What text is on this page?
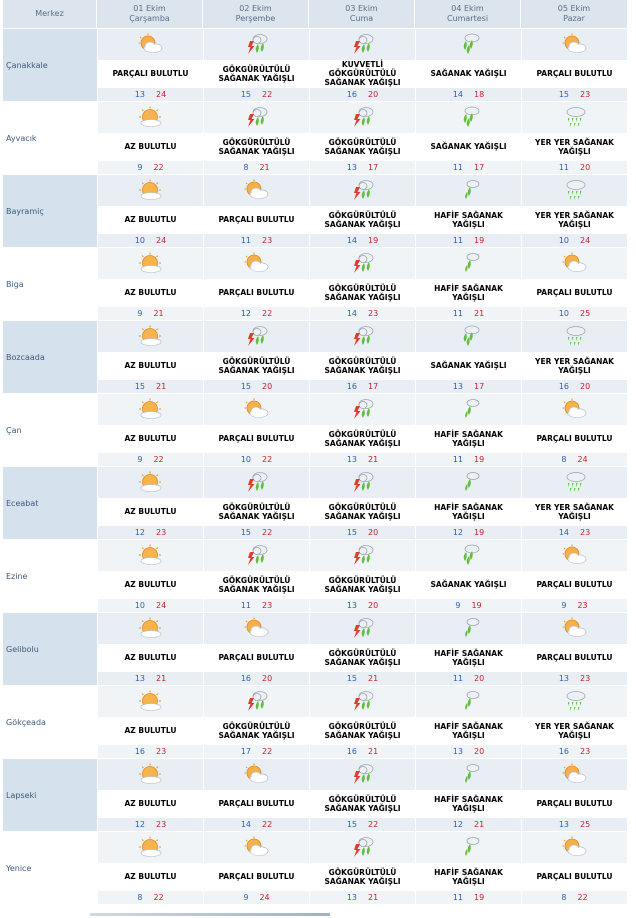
Merkez
01 Ekim
Çarşamba
02 Ekim
Perşembe
03 Ekim
Cuma
04 Ekim
Cumartesi
05 Ekim
Pazar
Çanakkale
PARÇALI BULUTLU
13 24
GÖKGÜRÜLTÜLÜ SAĞANAK YAĞIŞLI
15 22
KUVVETLİ GÖKGÜRÜLTÜLÜ SAĞANAK YAĞIŞLI
16 20
SAĞANAK YAĞIŞLI
14 18
PARÇALI BULUTLU
15 23
Ayvacık
AZ BULUTLU
9 22
GÖKGÜRÜLTÜLÜ SAĞANAK YAĞIŞLI
8 21
GÖKGÜRÜLTÜLÜ SAĞANAK YAĞIŞLI
13 17
SAĞANAK YAĞIŞLI
11 17
YER YER SAĞANAK YAĞIŞLI
11 20
Bayramiç
AZ BULUTLU
10 24
PARÇALI BULUTLU
11 23
GÖKGÜRÜLTÜLÜ SAĞANAK YAĞIŞLI
14 19
HAFİF SAĞANAK YAĞIŞLI
11 19
YER YER SAĞANAK YAĞIŞLI
10 24
Biga
AZ BULUTLU
9 21
PARÇALI BULUTLU
12 22
GÖKGÜRÜLTÜLÜ SAĞANAK YAĞIŞLI
14 23
HAFİF SAĞANAK YAĞIŞLI
11 21
PARÇALI BULUTLU
10 25
Bozcaada
AZ BULUTLU
15 21
GÖKGÜRÜLTÜLÜ SAĞANAK YAĞIŞLI
15 20
GÖKGÜRÜLTÜLÜ SAĞANAK YAĞIŞLI
16 17
SAĞANAK YAĞIŞLI
13 17
YER YER SAĞANAK YAĞIŞLI
16 20
Çan
AZ BULUTLU
9 22
PARÇALI BULUTLU
10 22
GÖKGÜRÜLTÜLÜ SAĞANAK YAĞIŞLI
13 21
HAFİF SAĞANAK YAĞIŞLI
11 19
PARÇALI BULUTLU
8 24
Eceabat
AZ BULUTLU
12 23
GÖKGÜRÜLTÜLÜ SAĞANAK YAĞIŞLI
15 22
GÖKGÜRÜLTÜLÜ SAĞANAK YAĞIŞLI
15 20
HAFİF SAĞANAK YAĞIŞLI
12 19
YER YER SAĞANAK YAĞIŞLI
14 23
Ezine
AZ BULUTLU
10 24
GÖKGÜRÜLTÜLÜ SAĞANAK YAĞIŞLI
11 23
GÖKGÜRÜLTÜLÜ SAĞANAK YAĞIŞLI
13 20
SAĞANAK YAĞIŞLI
9 19
PARÇALI BULUTLU
9 23
Gelibolu
AZ BULUTLU
13 21
PARÇALI BULUTLU
16 20
GÖKGÜRÜLTÜLÜ SAĞANAK YAĞIŞLI
15 21
HAFİF SAĞANAK YAĞIŞLI
11 20
PARÇALI BULUTLU
13 23
Gökçeada
AZ BULUTLU
16 23
GÖKGÜRÜLTÜLÜ SAĞANAK YAĞIŞLI
17 22
GÖKGÜRÜLTÜLÜ SAĞANAK YAĞIŞLI
16 21
HAFİF SAĞANAK YAĞIŞLI
13 20
YER YER SAĞANAK YAĞIŞLI
16 23
Lapseki
AZ BULUTLU
12 23
PARÇALI BULUTLU
14 22
GÖKGÜRÜLTÜLÜ SAĞANAK YAĞIŞLI
15 22
HAFİF SAĞANAK YAĞIŞLI
12 21
PARÇALI BULUTLU
13 25
Yenice
AZ BULUTLU
8 22
PARÇALI BULUTLU
9 24
GÖKGÜRÜLTÜLÜ SAĞANAK YAĞIŞLI
13 21
HAFİF SAĞANAK YAĞIŞLI
11 19
PARÇALI BULUTLU
8 22
